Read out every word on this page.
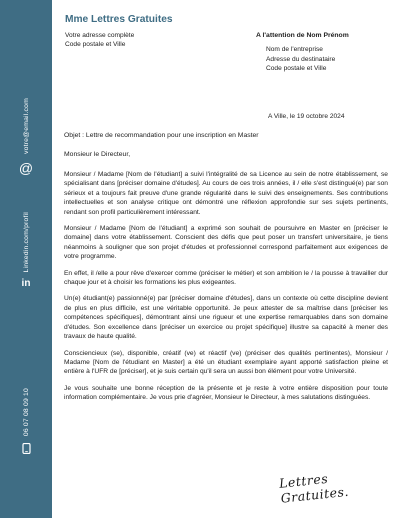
votre@email.com
@
Linkedin.com/profil
in
06 07 08 09 10
Mme Lettres Gratuites
Votre adresse complète
Code postale et Ville
A l'attention de Nom Prénom
Nom de l'entreprise
Adresse du destinataire
Code postale et Ville
A Ville, le 19 octobre 2024
Objet : Lettre de recommandation pour une inscription en Master
Monsieur le Directeur,

Monsieur / Madame [Nom de l'étudiant] a suivi l'intégralité de sa Licence au sein de notre établissement, se spécialisant dans [préciser domaine d'études]. Au cours de ces trois années, il / elle s'est distingué(e) par son sérieux et a toujours fait preuve d'une grande régularité dans le suivi des enseignements. Ses contributions intellectuelles et son analyse critique ont démontré une réflexion approfondie sur ses sujets pertinents, rendant son profil particulièrement intéressant.

Monsieur / Madame [Nom de l'étudiant] a exprimé son souhait de poursuivre en Master en [préciser le domaine] dans votre établissement. Conscient des défis que peut poser un transfert universitaire, je tiens néanmoins à souligner que son projet d'études et professionnel correspond parfaitement aux exigences de votre programme.

En effet, il /elle a pour rêve d'exercer comme (préciser le métier) et son ambition le / la pousse à travailler dur chaque jour et à choisir les formations les plus exigeantes.

Un(e) étudiant(e) passionné(e) par [préciser domaine d'études], dans un contexte où cette discipline devient de plus en plus difficile, est une véritable opportunité. Je peux attester de sa maîtrise dans [préciser les compétences spécifiques], démontrant ainsi une rigueur et une expertise remarquables dans son domaine d'études. Son excellence dans [préciser un exercice ou projet spécifique] illustre sa capacité à mener des travaux de haute qualité.

Consciencieux (se), disponible, créatif (ve) et réactif (ve) (préciser des qualités pertinentes), Monsieur / Madame [Nom de l'étudiant en Master] a été un étudiant exemplaire ayant apporté satisfaction pleine et entière à l'UFR de [préciser], et je suis certain qu'il sera un aussi bon élément pour votre Université.

Je vous souhaite une bonne réception de la présente et je reste à votre entière disposition pour toute information complémentaire. Je vous prie d'agréer, Monsieur le Directeur, à mes salutations distinguées.

Lettres Gratuites.
